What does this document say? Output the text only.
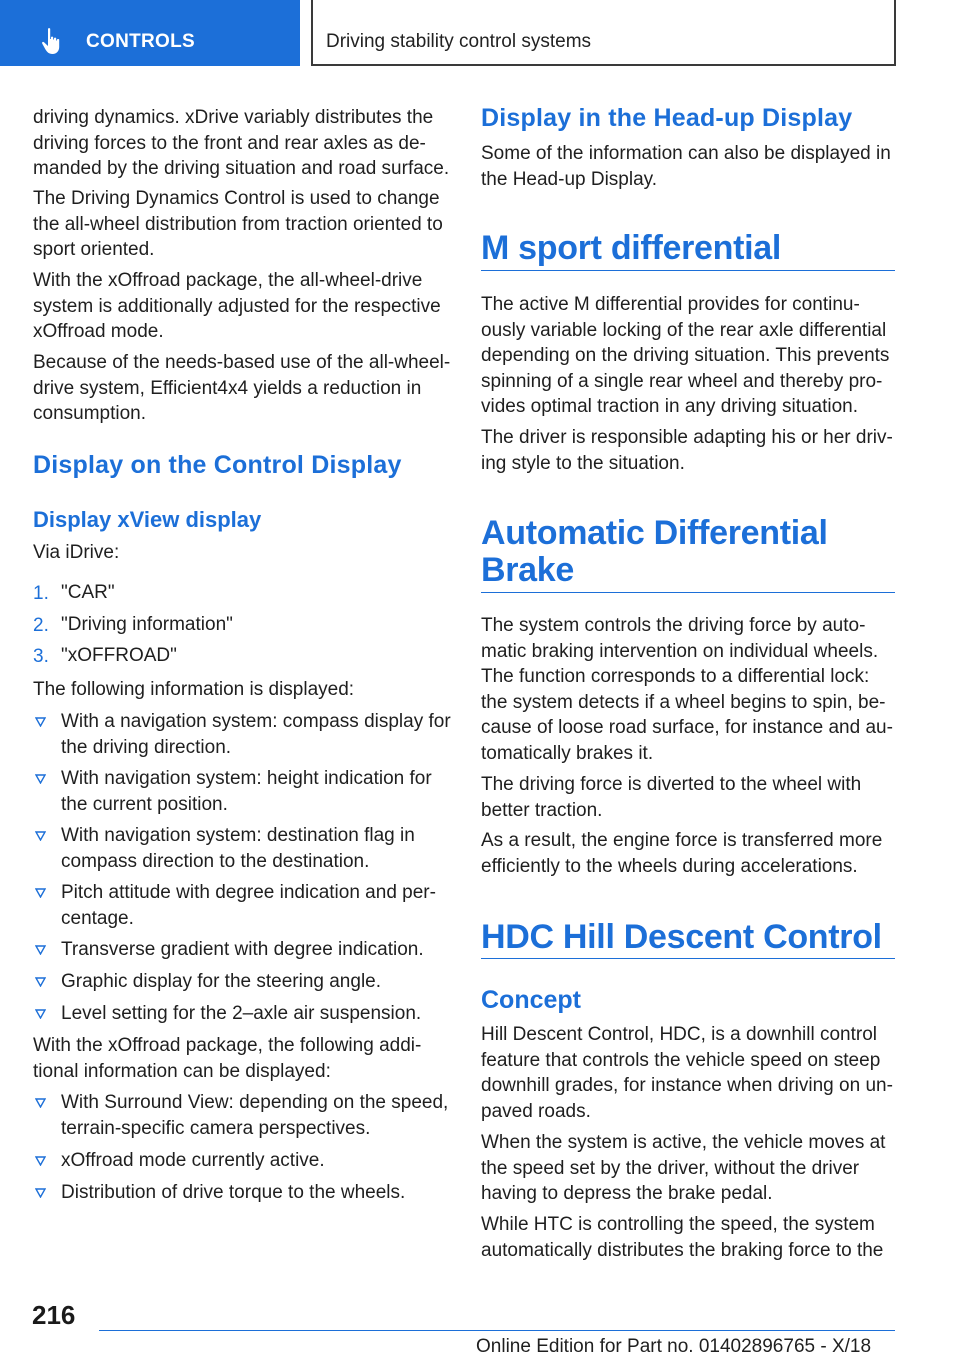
CONTROLS	Driving stability control systems

driving dynamics. xDrive variably distributes the driving forces to the front and rear axles as demanded by the driving situation and road surface.

The Driving Dynamics Control is used to change the all-wheel distribution from traction oriented to sport oriented.

With the xOffroad package, the all-wheel-drive system is additionally adjusted for the respective xOffroad mode.

Because of the needs-based use of the all-wheel-drive system, Efficient4x4 yields a reduction in consumption.

Display on the Control Display
Display xView display

Via iDrive:

1. "CAR"
2. "Driving information"
3. "xOFFROAD"

The following information is displayed:

With a navigation system: compass display for the driving direction.

With navigation system: height indication for the current position.

With navigation system: destination flag in compass direction to the destination.

Pitch attitude with degree indication and percentage.

Transverse gradient with degree indication.

Graphic display for the steering angle.

Level setting for the 2–axle air suspension.

With the xOffroad package, the following additional information can be displayed:

With Surround View: depending on the speed, terrain-specific camera perspectives.

xOffroad mode currently active.

Distribution of drive torque to the wheels.

Display in the Head-up Display

Some of the information can also be displayed in the Head-up Display.

M sport differential

The active M differential provides for continuously variable locking of the rear axle differential depending on the driving situation. This prevents spinning of a single rear wheel and thereby provides optimal traction in any driving situation.

The driver is responsible adapting his or her driving style to the situation.

Automatic Differential
Brake

The system controls the driving force by automatic braking intervention on individual wheels. The function corresponds to a differential lock: the system detects if a wheel begins to spin, because of loose road surface, for instance and automatically brakes it.

The driving force is diverted to the wheel with better traction.

As a result, the engine force is transferred more efficiently to the wheels during accelerations.

HDC Hill Descent Control
Concept

Hill Descent Control, HDC, is a downhill control feature that controls the vehicle speed on steep downhill grades, for instance when driving on unpaved roads.

When the system is active, the vehicle moves at the speed set by the driver, without the driver having to depress the brake pedal.

While HTC is controlling the speed, the system automatically distributes the braking force to the

216
Online Edition for Part no. 01402896765 - X/18
